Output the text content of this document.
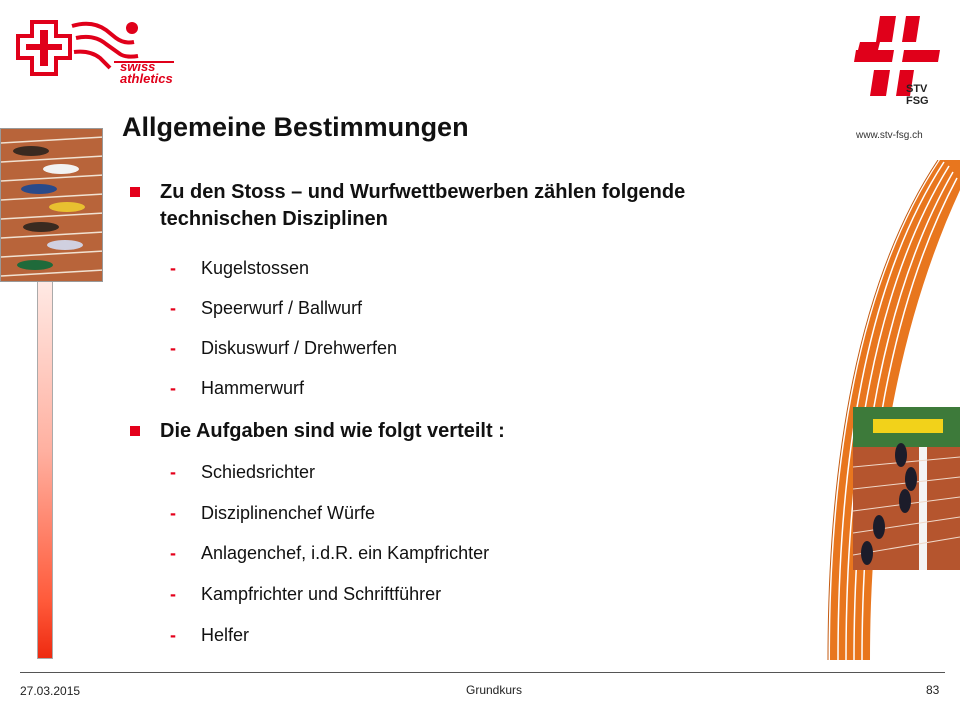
swiss
athletics
STV
FSG
www.stv-fsg.ch
Allgemeine Bestimmungen
Zu den Stoss – und Wurfwettbewerben zählen folgende technischen Disziplinen
- Kugelstossen
- Speerwurf / Ballwurf
- Diskuswurf / Drehwerfen
- Hammerwurf
Die Aufgaben sind wie folgt verteilt :
- Schiedsrichter
- Disziplinenchef Würfe
- Anlagenchef, i.d.R. ein Kampfrichter
- Kampfrichter und Schriftführer
- Helfer
27.03.2015	Grundkurs	83
